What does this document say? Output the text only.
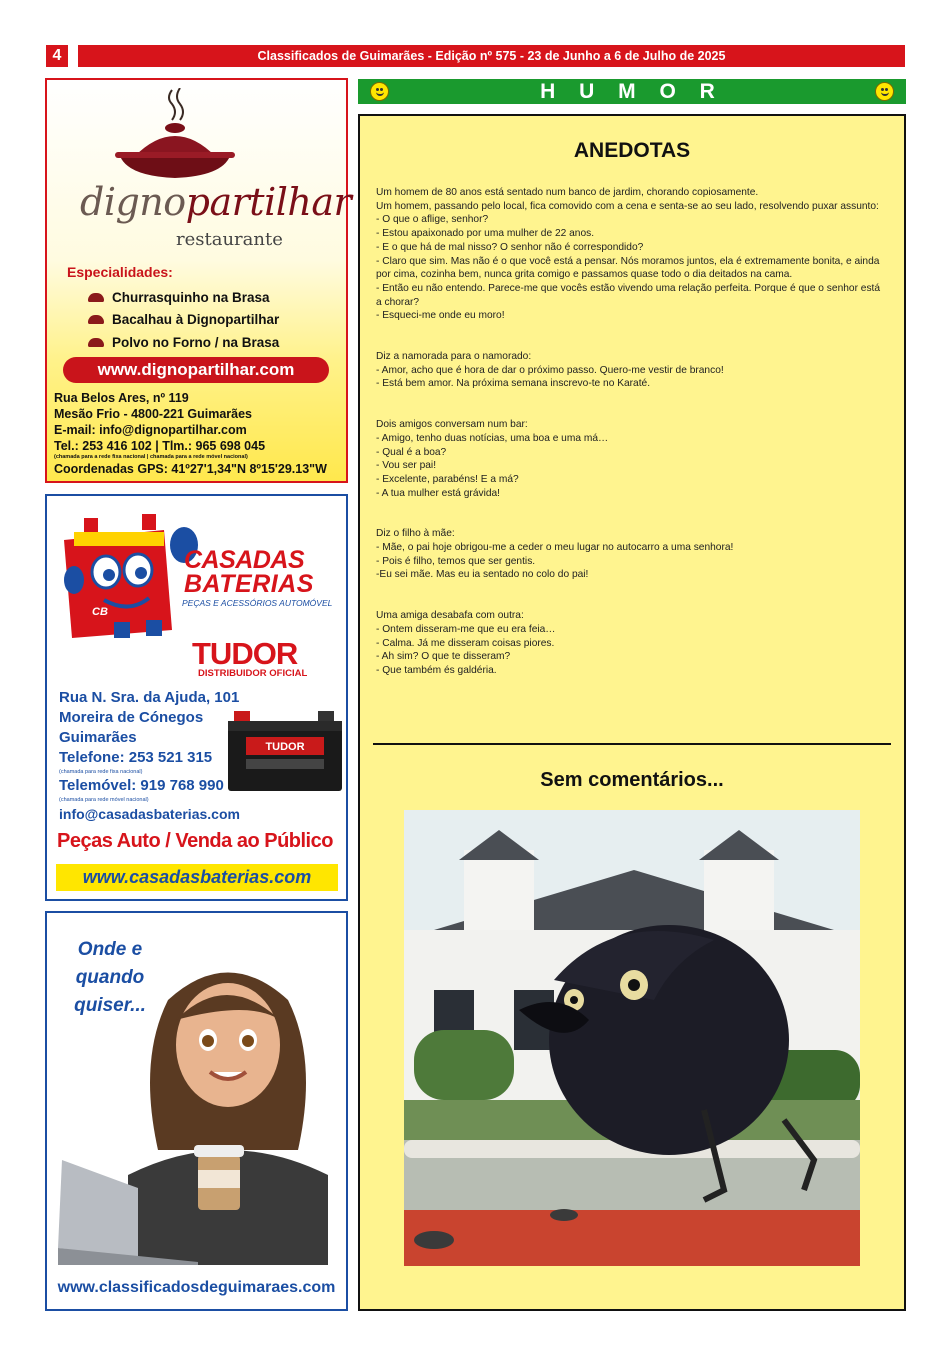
4	Classificados de Guimarães - Edição nº 575 - 23 de Junho a 6 de Julho de 2025
dignopartilhar
restaurante
Especialidades:
Churrasquinho na Brasa
Bacalhau à Dignopartilhar
Polvo no Forno / na Brasa
www.dignopartilhar.com
Rua Belos Ares, nº 119
Mesão Frio - 4800-221 Guimarães
E-mail: info@dignopartilhar.com
Tel.: 253 416 102 | Tlm.: 965 698 045
(chamada para a rede fixa nacional | chamada para a rede móvel nacional)
Coordenadas GPS: 41º27'1,34"N 8º15'29.13"W
CASADAS
BATERIAS
PEÇAS E ACESSÓRIOS AUTOMÓVEL
CB
TUDOR
DISTRIBUIDOR OFICIAL
Rua N. Sra. da Ajuda, 101
Moreira de Cónegos
Guimarães
Telefone: 253 521 315
(chamada para rede fixa nacional)
Telemóvel: 919 768 990
(chamada para rede móvel nacional)
TUDOR
info@casadasbaterias.com
Peças Auto / Venda ao Público
www.casadasbaterias.com
Onde e
quando
quiser...
www.classificadosdeguimaraes.com
H U M O R
ANEDOTAS
Um homem de 80 anos está sentado num banco de jardim, chorando copiosamente.
Um homem, passando pelo local, fica comovido com a cena e senta-se ao seu lado, resolvendo puxar assunto:
- O que o aflige, senhor?
- Estou apaixonado por uma mulher de 22 anos.
- E o que há de mal nisso? O senhor não é correspondido?
- Claro que sim. Mas não é o que você está a pensar. Nós moramos juntos, ela é extremamente bonita, e ainda por cima, cozinha bem, nunca grita comigo e passamos quase todo o dia deitados na cama.
- Então eu não entendo. Parece-me que vocês estão vivendo uma relação perfeita. Porque é que o senhor está a chorar?
- Esqueci-me onde eu moro!
Diz a namorada para o namorado:
- Amor, acho que é hora de dar o próximo passo. Quero-me vestir de branco!
- Está bem amor. Na próxima semana inscrevo-te no Karaté.
Dois amigos conversam num bar:
- Amigo, tenho duas notícias, uma boa e uma má…
- Qual é a boa?
- Vou ser pai!
- Excelente, parabéns! E a má?
- A tua mulher está grávida!
Diz o filho à mãe:
- Mãe, o pai hoje obrigou-me a ceder o meu lugar no autocarro a uma senhora!
- Pois é filho, temos que ser gentis.
-Eu sei mãe. Mas eu ia sentado no colo do pai!
Uma amiga desabafa com outra:
- Ontem disseram-me que eu era feia…
- Calma. Já me disseram coisas piores.
- Ah sim? O que te disseram?
- Que também és galdéria.
Sem comentários...
